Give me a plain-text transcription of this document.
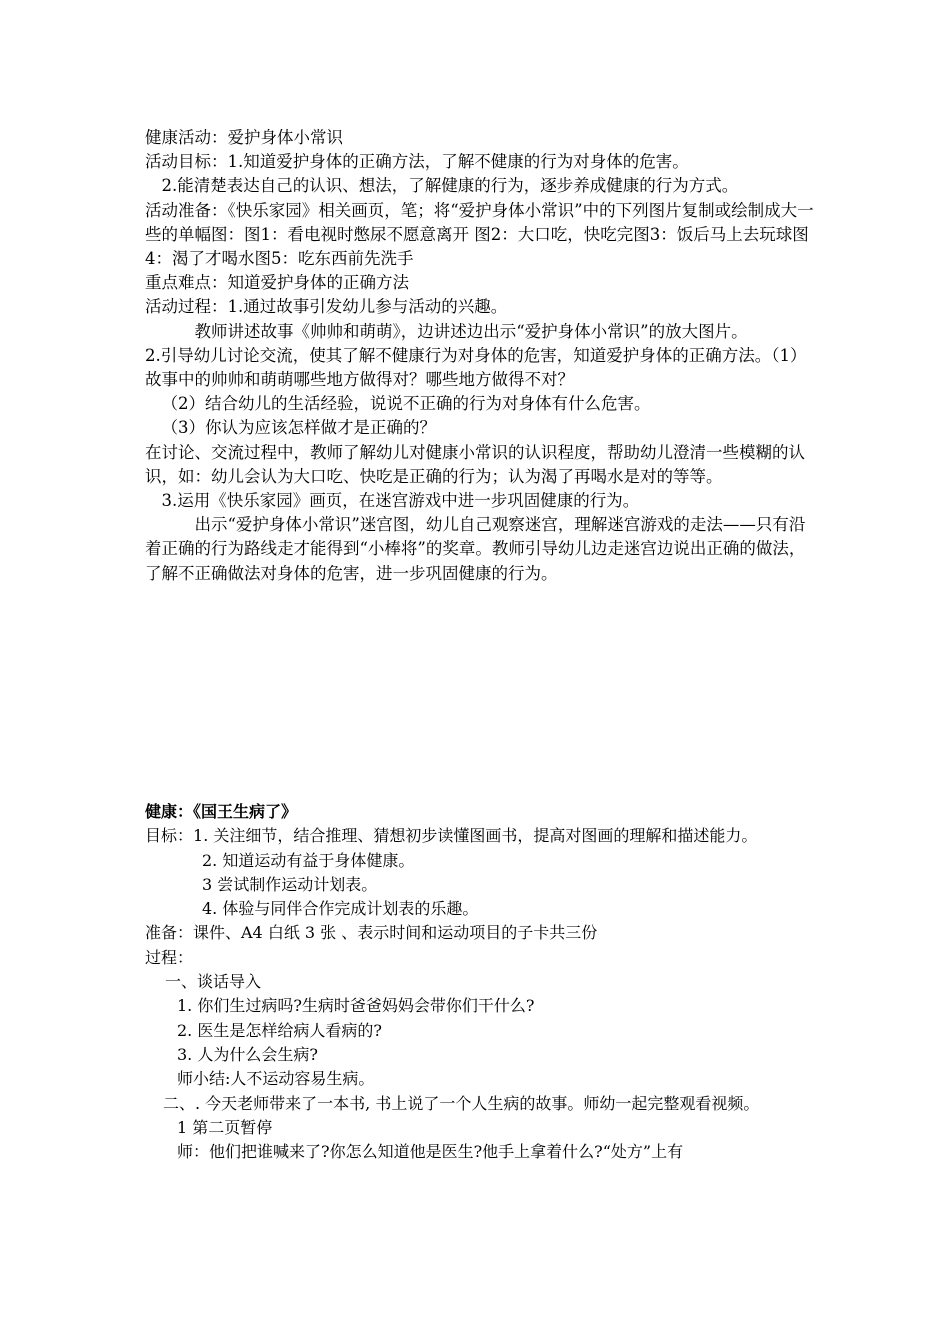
健康活动：爱护身体小常识

活动目标：1.知道爱护身体的正确方法，了解不健康的行为对身体的危害。

2.能清楚表达自己的认识、想法，了解健康的行为，逐步养成健康的行为方式。

活动准备：《快乐家园》相关画页，笔；将“爱护身体小常识”中的下列图片复制或绘制成大一些的单幅图：图1：看电视时憋尿不愿意离开 图2：大口吃，快吃完图3：饭后马上去玩球图4：渴了才喝水图5：吃东西前先洗手

重点难点：知道爱护身体的正确方法

活动过程：1.通过故事引发幼儿参与活动的兴趣。

教师讲述故事《帅帅和萌萌》，边讲述边出示“爱护身体小常识”的放大图片。

2.引导幼儿讨论交流，使其了解不健康行为对身体的危害，知道爱护身体的正确方法。（1）故事中的帅帅和萌萌哪些地方做得对？哪些地方做得不对？

（2）结合幼儿的生活经验，说说不正确的行为对身体有什么危害。

（3）你认为应该怎样做才是正确的？

在讨论、交流过程中，教师了解幼儿对健康小常识的认识程度，帮助幼儿澄清一些模糊的认识，如：幼儿会认为大口吃、快吃是正确的行为；认为渴了再喝水是对的等等。

3.运用《快乐家园》画页，在迷宫游戏中进一步巩固健康的行为。

出示“爱护身体小常识”迷宫图，幼儿自己观察迷宫，理解迷宫游戏的走法——只有沿着正确的行为路线走才能得到“小棒将”的奖章。教师引导幼儿边走迷宫边说出正确的做法，了解不正确做法对身体的危害，进一步巩固健康的行为。

健康：《国王生病了》

目标：1. 关注细节，结合推理、猜想初步读懂图画书，提高对图画的理解和描述能力。

2. 知道运动有益于身体健康。

3 尝试制作运动计划表。

4. 体验与同伴合作完成计划表的乐趣。

准备：课件、A4 白纸 3 张 、表示时间和运动项目的子卡共三份

过程：

一、谈话导入

1. 你们生过病吗?生病时爸爸妈妈会带你们干什么?

2. 医生是怎样给病人看病的?

3. 人为什么会生病?

师小结:人不运动容易生病。

二、. 今天老师带来了一本书, 书上说了一个人生病的故事。师幼一起完整观看视频。

1 第二页暂停

师：他们把谁喊来了?你怎么知道他是医生?他手上拿着什么?“处方”上有
